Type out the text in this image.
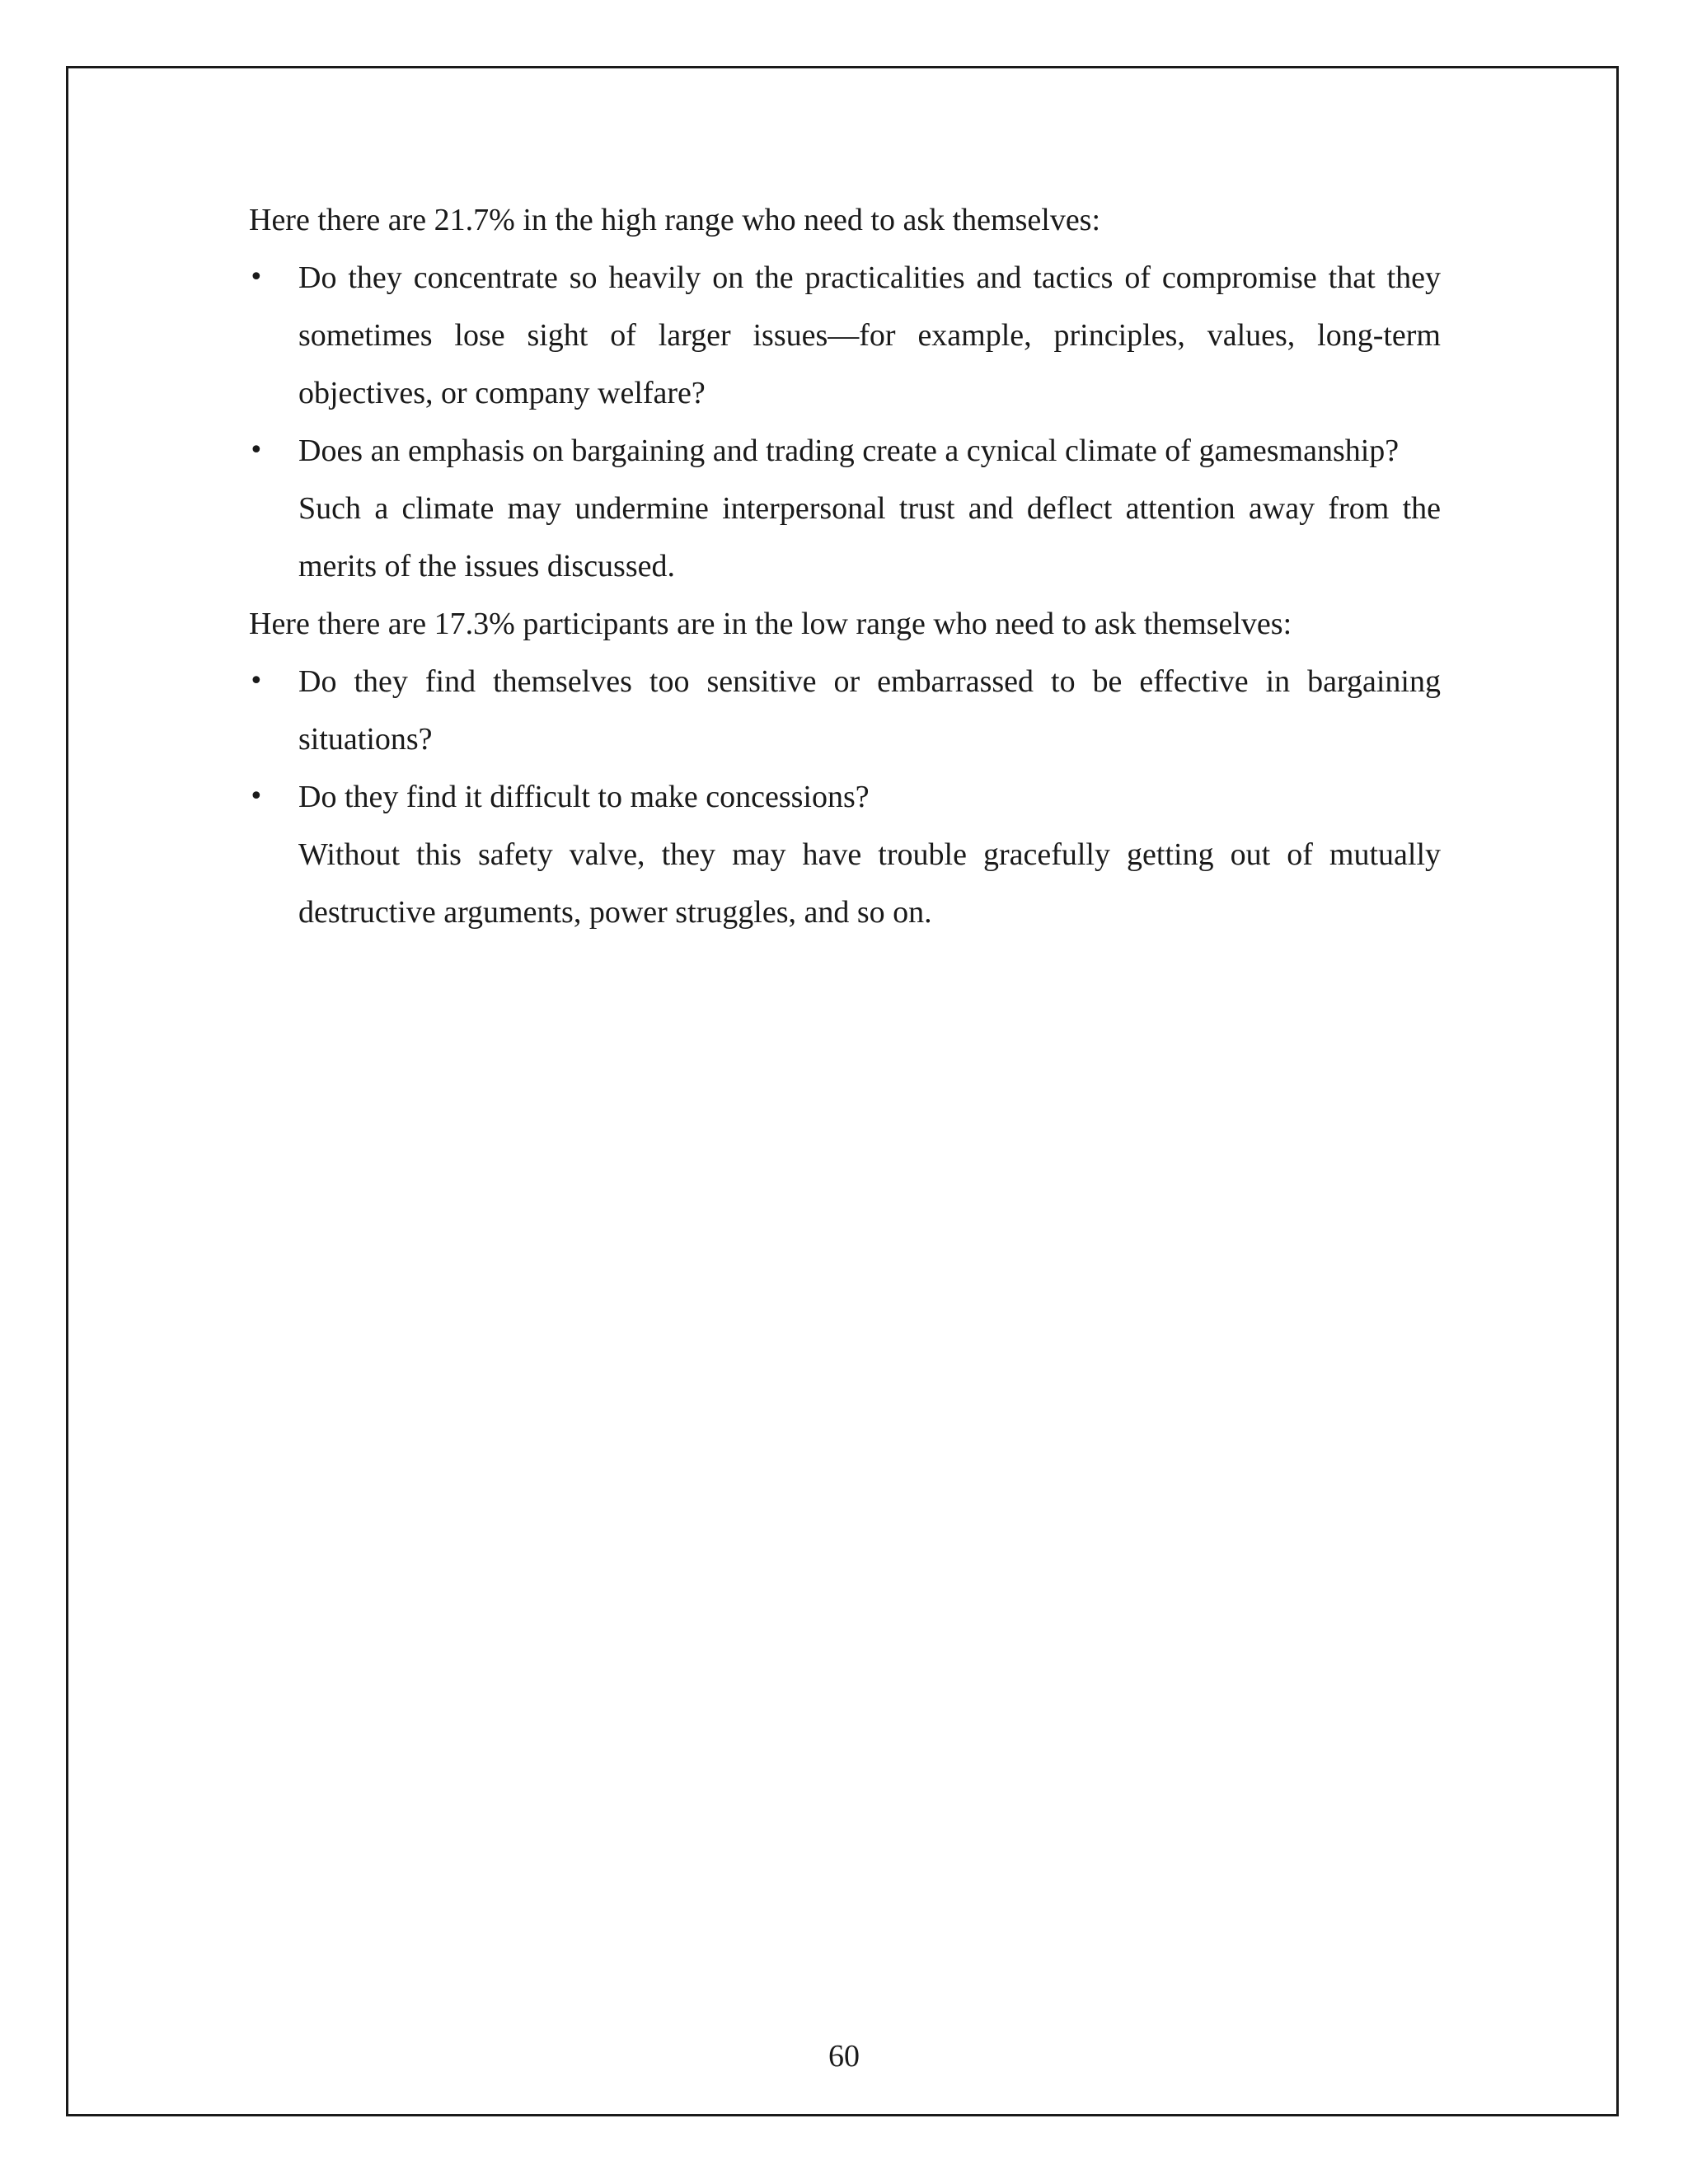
Here there are 21.7% in the high range who need to ask themselves:

•	Do they concentrate so heavily on the practicalities and tactics of compromise that they sometimes lose sight of larger issues—for example, principles, values, long-term objectives, or company welfare?
•	Does an emphasis on bargaining and trading create a cynical climate of gamesmanship?
Such a climate may undermine interpersonal trust and deflect attention away from the merits of the issues discussed.

Here there are 17.3% participants are in the low range who need to ask themselves:

•	Do they find themselves too sensitive or embarrassed to be effective in bargaining situations?
•	Do they find it difficult to make concessions?
Without this safety valve, they may have trouble gracefully getting out of mutually destructive arguments, power struggles, and so on.
60
